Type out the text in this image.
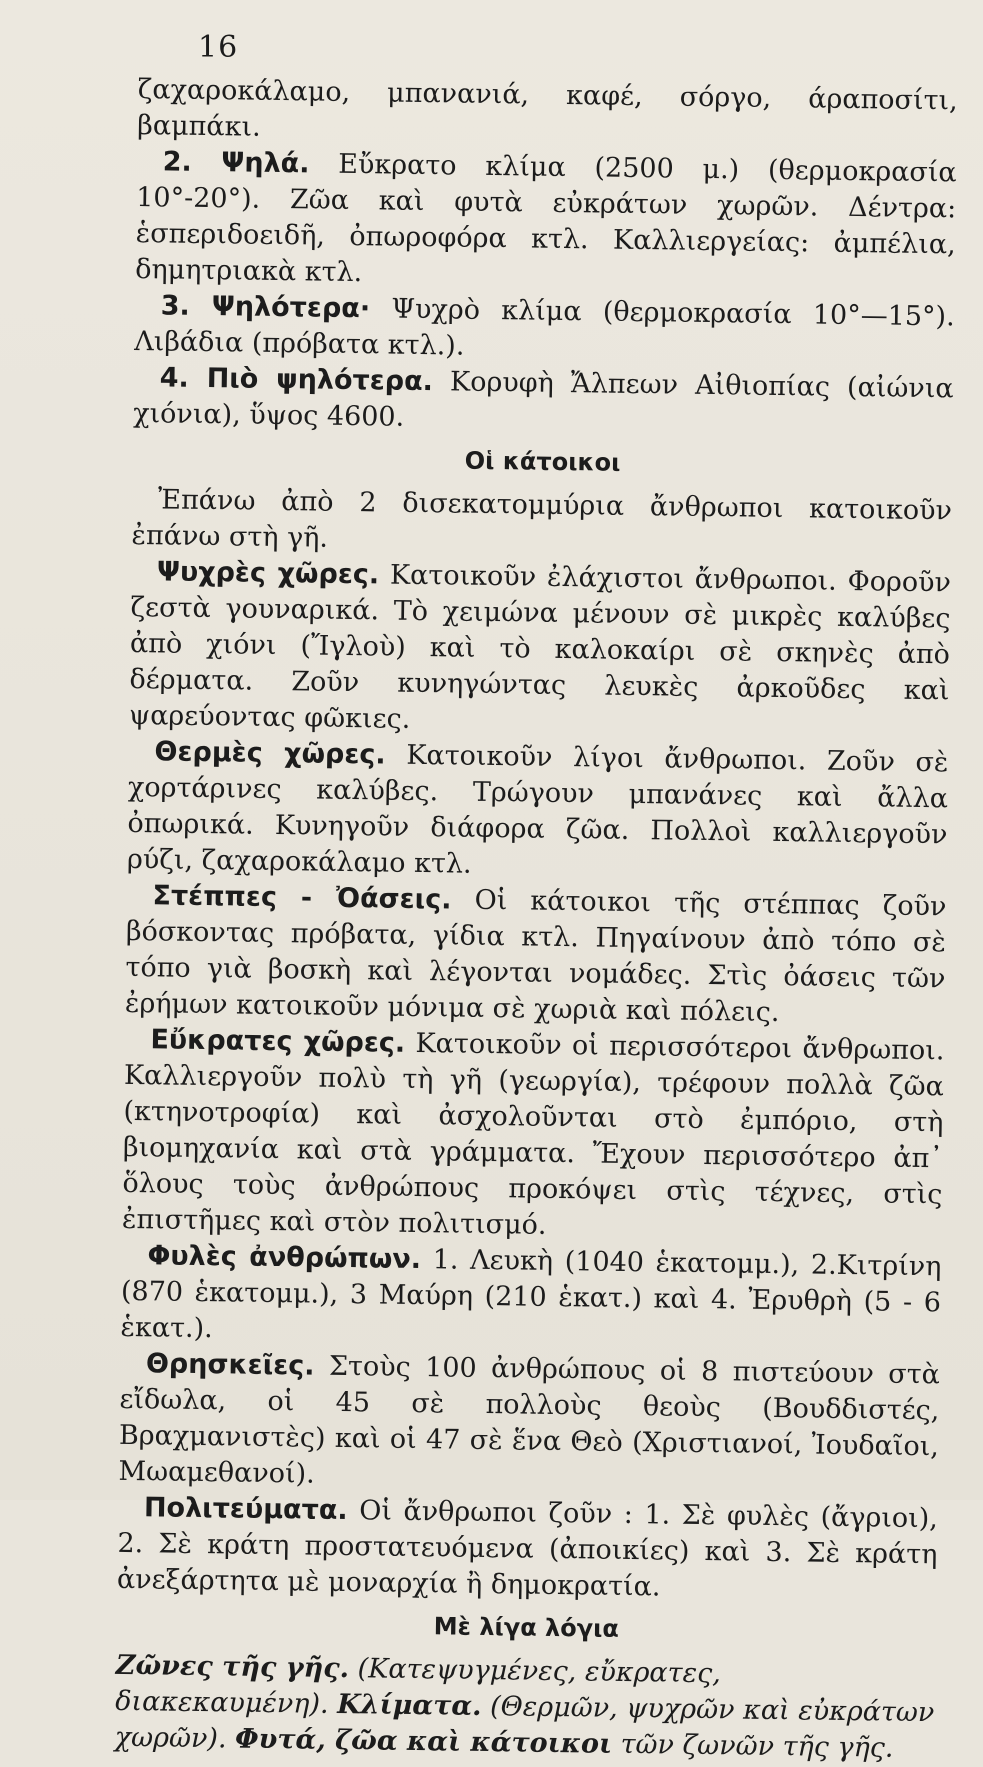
16

ζαχαροκάλαμο, μπανανιά, καφέ, σόργο, άραποσίτι, βαμπάκι.

2. Ψηλά. Εὔκρατο κλίμα (2500 μ.) (θερμοκρασία 10°-20°). Ζῶα καὶ φυτὰ εὐκράτων χωρῶν. Δέντρα: ἑσπεριδοειδῆ, ὀπωροφόρα κτλ. Καλλιεργείας: ἀμπέλια, δημητριακὰ κτλ.

3. Ψηλότερα· Ψυχρὸ κλίμα (θερμοκρασία 10°—15°). Λιβάδια (πρόβατα κτλ.).

4. Πιὸ ψηλότερα. Κορυφὴ Ἄλπεων Αἰθιοπίας (αἰώνια χιόνια), ὕψος 4600.

Οἱ κάτοικοι

Ἐπάνω ἀπὸ 2 δισεκατομμύρια ἄνθρωποι κατοικοῦν ἐπάνω στὴ γῆ.

Ψυχρὲς χῶρες. Κατοικοῦν ἐλάχιστοι ἄνθρωποι. Φοροῦν ζεστὰ γουναρικά. Τὸ χειμώνα μένουν σὲ μικρὲς καλύβες ἀπὸ χιόνι (Ἴγλοὺ) καὶ τὸ καλοκαίρι σὲ σκηνὲς ἀπὸ δέρματα. Ζοῦν κυνηγώντας λευκὲς ἀρκοῦδες καὶ ψαρεύοντας φῶκιες.

Θερμὲς χῶρες. Κατοικοῦν λίγοι ἄνθρωποι. Ζοῦν σὲ χορτάρινες καλύβες. Τρώγουν μπανάνες καὶ ἄλλα ὀπωρικά. Κυνηγοῦν διάφορα ζῶα. Πολλοὶ καλλιεργοῦν ρύζι, ζαχαροκάλαμο κτλ.

Στέππες - Ὀάσεις. Οἱ κάτοικοι τῆς στέππας ζοῦν βόσκοντας πρόβατα, γίδια κτλ. Πηγαίνουν ἀπὸ τόπο σὲ τόπο γιὰ βοσκὴ καὶ λέγονται νομάδες. Στὶς ὀάσεις τῶν ἐρήμων κατοικοῦν μόνιμα σὲ χωριὰ καὶ πόλεις.

Εὔκρατες χῶρες. Κατοικοῦν οἱ περισσότεροι ἄνθρωποι. Καλλιεργοῦν πολὺ τὴ γῆ (γεωργία), τρέφουν πολλὰ ζῶα (κτηνοτροφία) καὶ ἀσχολοῦνται στὸ ἐμπόριο, στὴ βιομηχανία καὶ στὰ γράμματα. Ἔχουν περισσότερο ἀπ᾿ ὅλους τοὺς ἀνθρώπους προκόψει στὶς τέχνες, στὶς ἐπιστῆμες καὶ στὸν πολιτισμό.

Φυλὲς ἀνθρώπων. 1. Λευκὴ (1040 ἑκατομμ.), 2.Κιτρίνη (870 ἑκατομμ.), 3 Μαύρη (210 ἑκατ.) καὶ 4. Ἐρυθρὴ (5 - 6 ἑκατ.).

Θρησκεῖες. Στοὺς 100 ἀνθρώπους οἱ 8 πιστεύουν στὰ εἴδωλα, οἱ 45 σὲ πολλοὺς θεοὺς (Βουδδιστές, Βραχμανιστὲς) καὶ οἱ 47 σὲ ἕνα Θεὸ (Χριστιανοί, Ἰουδαῖοι, Μωαμεθανοί).

Πολιτεύματα. Οἱ ἄνθρωποι ζοῦν : 1. Σὲ φυλὲς (ἄγριοι), 2. Σὲ κράτη προστατευόμενα (ἀποικίες) καὶ 3. Σὲ κράτη ἀνεξάρτητα μὲ μοναρχία ἢ δημοκρατία.

Μὲ λίγα λόγια

Ζῶνες τῆς γῆς. (Κατεψυγμένες, εὔκρατες, διακεκαυμένη). Κλίματα. (Θερμῶν, ψυχρῶν καὶ εὐκράτων χωρῶν). Φυτά, ζῶα καὶ κάτοικοι τῶν ζωνῶν τῆς γῆς.
